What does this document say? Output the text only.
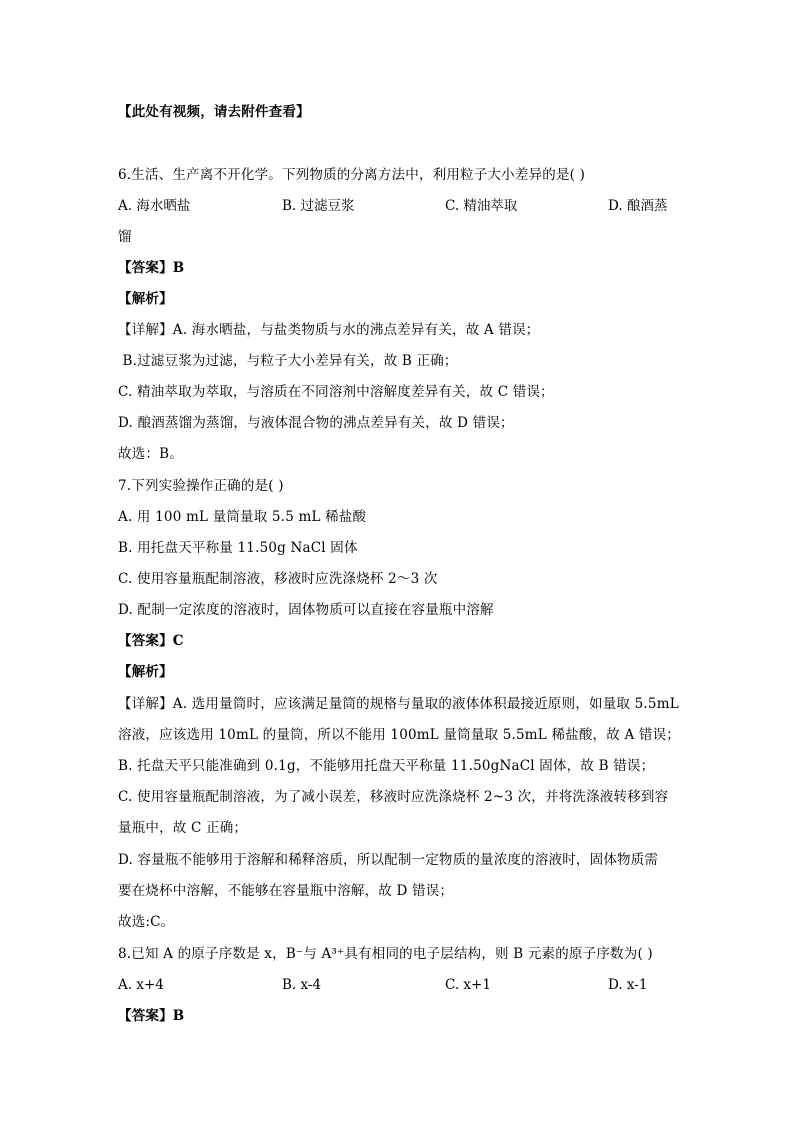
【此处有视频，请去附件查看】
6.生活、生产离不开化学。下列物质的分离方法中，利用粒子大小差异的是( )
A. 海水晒盐	B. 过滤豆浆	C. 精油萃取	D. 酿酒蒸
馏
【答案】B
【解析】
【详解】A. 海水晒盐，与盐类物质与水的沸点差异有关，故 A 错误；
B.过滤豆浆为过滤，与粒子大小差异有关，故 B 正确；
C. 精油萃取为萃取，与溶质在不同溶剂中溶解度差异有关，故 C 错误；
D. 酿酒蒸馏为蒸馏，与液体混合物的沸点差异有关，故 D 错误；
故选：B。
7.下列实验操作正确的是( )
A. 用 100 mL 量筒量取 5.5 mL 稀盐酸
B. 用托盘天平称量 11.50g NaCl 固体
C. 使用容量瓶配制溶液，移液时应洗涤烧杯 2～3 次
D. 配制一定浓度的溶液时，固体物质可以直接在容量瓶中溶解
【答案】C
【解析】
【详解】A. 选用量筒时，应该满足量筒的规格与量取的液体体积最接近原则，如量取 5.5mL
溶液，应该选用 10mL 的量筒，所以不能用 100mL 量筒量取 5.5mL 稀盐酸，故 A 错误；
B. 托盘天平只能准确到 0.1g，不能够用托盘天平称量 11.50gNaCl 固体，故 B 错误；
C. 使用容量瓶配制溶液，为了减小误差，移液时应洗涤烧杯 2~3 次，并将洗涤液转移到容
量瓶中，故 C 正确；
D. 容量瓶不能够用于溶解和稀释溶质，所以配制一定物质的量浓度的溶液时，固体物质需
要在烧杯中溶解，不能够在容量瓶中溶解，故 D 错误；
故选:C。
8.已知 A 的原子序数是 x，B⁻与 A³⁺具有相同的电子层结构，则 B 元素的原子序数为( )
A. x+4	B. x-4	C. x+1	D. x-1
【答案】B
